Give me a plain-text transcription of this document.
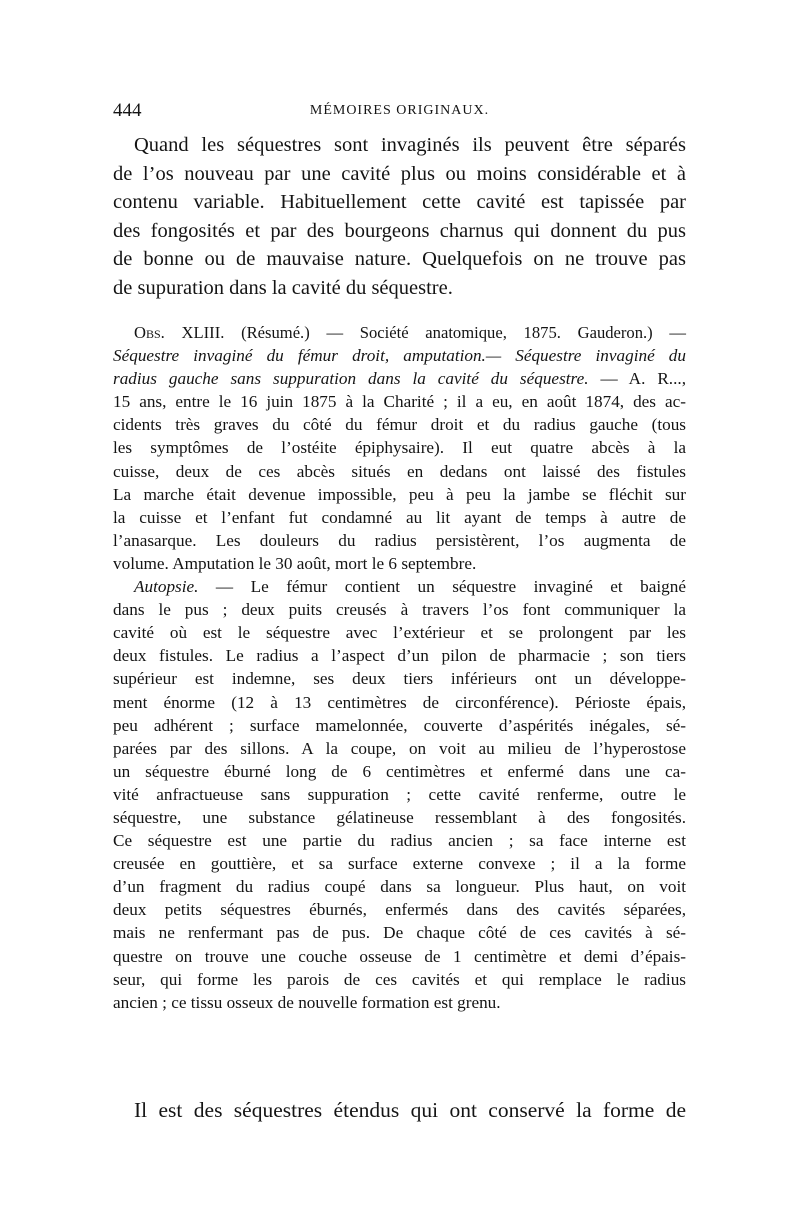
444	MÉMOIRES ORIGINAUX.
Quand les séquestres sont invaginés ils peuvent être séparés
de l’os nouveau par une cavité plus ou moins considérable et à
contenu variable. Habituellement cette cavité est tapissée par
des fongosités et par des bourgeons charnus qui donnent du pus
de bonne ou de mauvaise nature. Quelquefois on ne trouve pas
de supuration dans la cavité du séquestre.
Obs. XLIII. (Résumé.) — Société anatomique, 1875. Gauderon.) —
Séquestre invaginé du fémur droit, amputation.— Séquestre invaginé du
radius gauche sans suppuration dans la cavité du séquestre. — A. R...,
15 ans, entre le 16 juin 1875 à la Charité ; il a eu, en août 1874, des ac-
cidents très graves du côté du fémur droit et du radius gauche (tous
les symptômes de l’ostéite épiphysaire). Il eut quatre abcès à la
cuisse, deux de ces abcès situés en dedans ont laissé des fistules
La marche était devenue impossible, peu à peu la jambe se fléchit sur
la cuisse et l’enfant fut condamné au lit ayant de temps à autre de
l’anasarque. Les douleurs du radius persistèrent, l’os augmenta de
volume. Amputation le 30 août, mort le 6 septembre.
Autopsie. — Le fémur contient un séquestre invaginé et baigné
dans le pus ; deux puits creusés à travers l’os font communiquer la
cavité où est le séquestre avec l’extérieur et se prolongent par les
deux fistules. Le radius a l’aspect d’un pilon de pharmacie ; son tiers
supérieur est indemne, ses deux tiers inférieurs ont un développe-
ment énorme (12 à 13 centimètres de circonférence). Périoste épais,
peu adhérent ; surface mamelonnée, couverte d’aspérités inégales, sé-
parées par des sillons. A la coupe, on voit au milieu de l’hyperostose
un séquestre éburné long de 6 centimètres et enfermé dans une ca-
vité anfractueuse sans suppuration ; cette cavité renferme, outre le
séquestre, une substance gélatineuse ressemblant à des fongosités.
Ce séquestre est une partie du radius ancien ; sa face interne est
creusée en gouttière, et sa surface externe convexe ; il a la forme
d’un fragment du radius coupé dans sa longueur. Plus haut, on voit
deux petits séquestres éburnés, enfermés dans des cavités séparées,
mais ne renfermant pas de pus. De chaque côté de ces cavités à sé-
questre on trouve une couche osseuse de 1 centimètre et demi d’épais-
seur, qui forme les parois de ces cavités et qui remplace le radius
ancien ; ce tissu osseux de nouvelle formation est grenu.
Il est des séquestres étendus qui ont conservé la forme de
